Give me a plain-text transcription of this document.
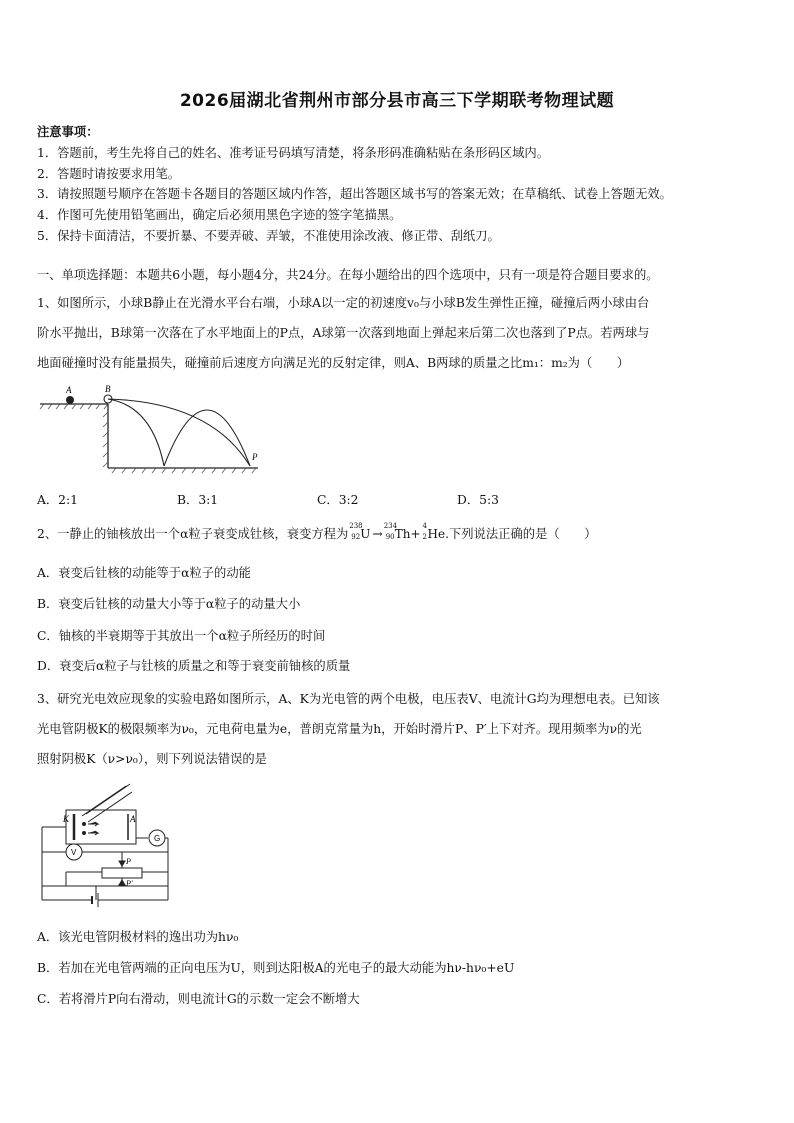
2026届湖北省荆州市部分县市高三下学期联考物理试题
注意事项：
1．答题前，考生先将自己的姓名、准考证号码填写清楚，将条形码准确粘贴在条形码区域内。
2．答题时请按要求用笔。
3．请按照题号顺序在答题卡各题目的答题区域内作答，超出答题区域书写的答案无效；在草稿纸、试卷上答题无效。
4．作图可先使用铅笔画出，确定后必须用黑色字迹的签字笔描黑。
5．保持卡面清洁，不要折暴、不要弄破、弄皱，不准使用涂改液、修正带、刮纸刀。
一、单项选择题：本题共6小题，每小题4分，共24分。在每小题给出的四个选项中，只有一项是符合题目要求的。
1、如图所示，小球B静止在光滑水平台右端，小球A以一定的初速度v₀与小球B发生弹性正撞，碰撞后两小球由台
阶水平抛出，B球第一次落在了水平地面上的P点，A球第一次落到地面上弹起来后第二次也落到了P点。若两球与
地面碰撞时没有能量损失，碰撞前后速度方向满足光的反射定律，则A、B两球的质量之比m₁：m₂为（　　）
A	B
P
A．2:1	B．3:1	C．3:2	D．5:3
2、一静止的铀核放出一个α粒子衰变成钍核，衰变方程为
238
92 U →
234
90 Th+
4
2 He.下列说法正确的是（　　）
A．衰变后钍核的动能等于α粒子的动能
B．衰变后钍核的动量大小等于α粒子的动量大小
C．铀核的半衰期等于其放出一个α粒子所经历的时间
D．衰变后α粒子与钍核的质量之和等于衰变前铀核的质量
3、研究光电效应现象的实验电路如图所示，A、K为光电管的两个电极，电压表V、电流计G均为理想电表。已知该
光电管阴极K的极限频率为ν₀，元电荷电量为e，普朗克常量为h，开始时滑片P、P′上下对齐。现用频率为ν的光
照射阴极K（ν>ν₀），则下列说法错误的是
K	A
V
G
P
P′
A．该光电管阴极材料的逸出功为hν₀
B．若加在光电管两端的正向电压为U，则到达阳极A的光电子的最大动能为hν-hν₀+eU
C．若将滑片P向右滑动，则电流计G的示数一定会不断增大
